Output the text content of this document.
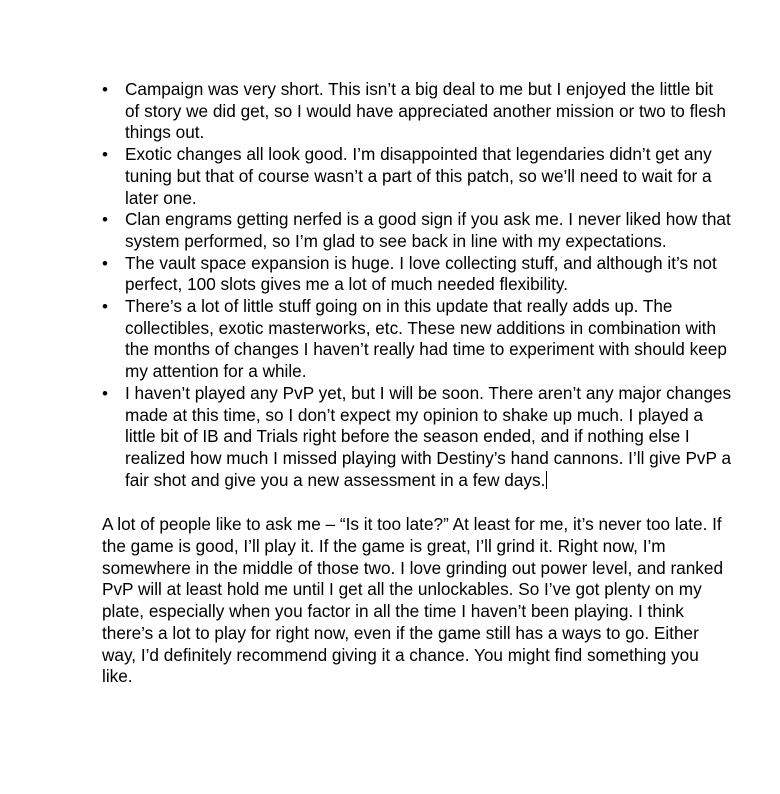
• Campaign was very short. This isn’t a big deal to me but I enjoyed the little bit of story we did get, so I would have appreciated another mission or two to flesh things out.
• Exotic changes all look good. I’m disappointed that legendaries didn’t get any tuning but that of course wasn’t a part of this patch, so we’ll need to wait for a later one.
• Clan engrams getting nerfed is a good sign if you ask me. I never liked how that system performed, so I’m glad to see back in line with my expectations.
• The vault space expansion is huge. I love collecting stuff, and although it’s not perfect, 100 slots gives me a lot of much needed flexibility.
• There’s a lot of little stuff going on in this update that really adds up. The collectibles, exotic masterworks, etc. These new additions in combination with the months of changes I haven’t really had time to experiment with should keep my attention for a while.
• I haven’t played any PvP yet, but I will be soon. There aren’t any major changes made at this time, so I don’t expect my opinion to shake up much. I played a little bit of IB and Trials right before the season ended, and if nothing else I realized how much I missed playing with Destiny’s hand cannons. I’ll give PvP a fair shot and give you a new assessment in a few days.

A lot of people like to ask me – “Is it too late?” At least for me, it’s never too late. If the game is good, I’ll play it. If the game is great, I’ll grind it. Right now, I’m somewhere in the middle of those two. I love grinding out power level, and ranked PvP will at least hold me until I get all the unlockables. So I’ve got plenty on my plate, especially when you factor in all the time I haven’t been playing. I think there’s a lot to play for right now, even if the game still has a ways to go. Either way, I’d definitely recommend giving it a chance. You might find something you like.
